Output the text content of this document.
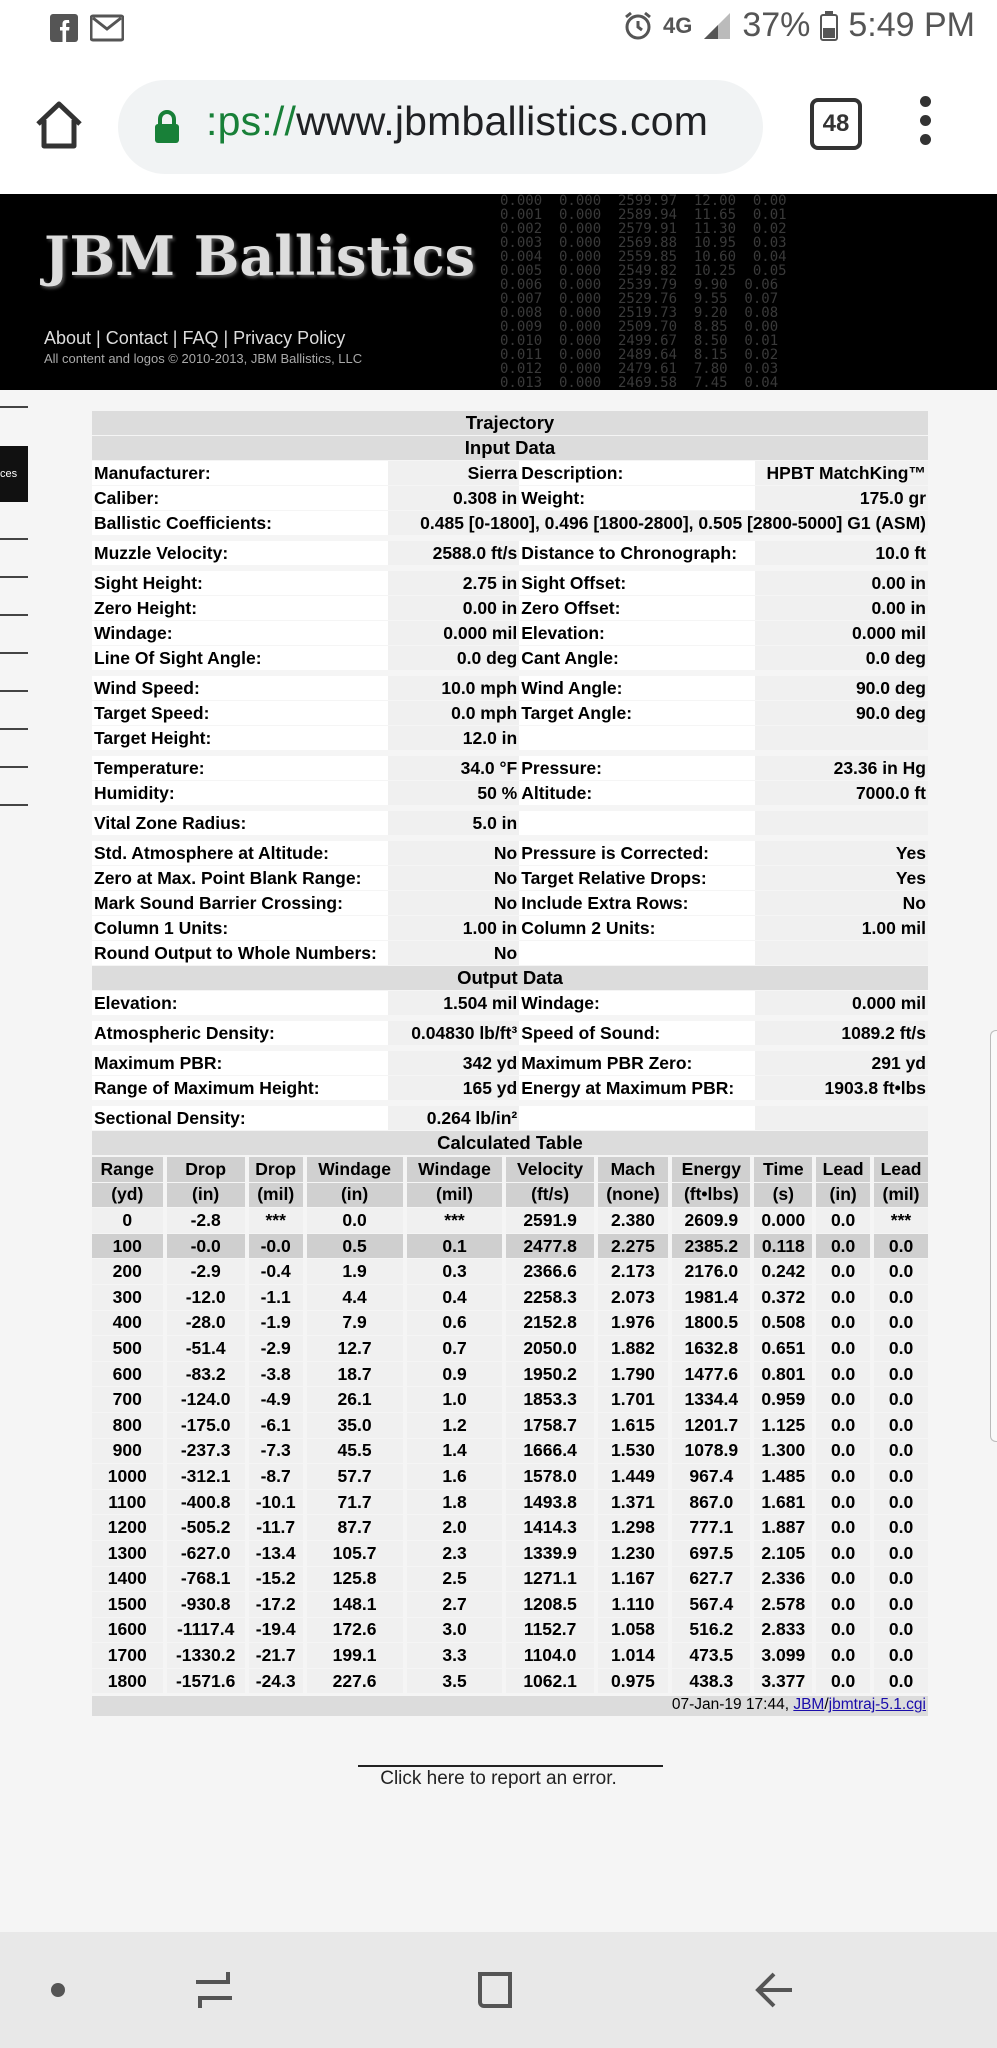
4G 37% 5:49 PM
:ps://www.jbmballistics.com	48
0.000  0.000  2599.97  12.00  0.00
0.001  0.000  2589.94  11.65  0.01
0.002  0.000  2579.91  11.30  0.02
0.003  0.000  2569.88  10.95  0.03
0.004  0.000  2559.85  10.60  0.04
0.005  0.000  2549.82  10.25  0.05
0.006  0.000  2539.79  9.90  0.06
0.007  0.000  2529.76  9.55  0.07
0.008  0.000  2519.73  9.20  0.08
0.009  0.000  2509.70  8.85  0.00
0.010  0.000  2499.67  8.50  0.01
0.011  0.000  2489.64  8.15  0.02
0.012  0.000  2479.61  7.80  0.03
0.013  0.000  2469.58  7.45  0.04

JBM Ballistics
About | Contact | FAQ | Privacy Policy
All content and logos © 2010-2013, JBM Ballistics, LLC
ces
Trajectory			
Input Data			
Manufacturer:	Sierra	Description:	HPBT MatchKing™
Caliber:	0.308 in	Weight:	175.0 gr
Ballistic Coefficients:	0.485 [0-1800], 0.496 [1800-2800], 0.505 [2800-5000] G1 (ASM)		

Muzzle Velocity:	2588.0 ft/s	Distance to Chronograph:	10.0 ft

Sight Height:	2.75 in	Sight Offset:	0.00 in
Zero Height:	0.00 in	Zero Offset:	0.00 in
Windage:	0.000 mil	Elevation:	0.000 mil
Line Of Sight Angle:	0.0 deg	Cant Angle:	0.0 deg

Wind Speed:	10.0 mph	Wind Angle:	90.0 deg
Target Speed:	0.0 mph	Target Angle:	90.0 deg
Target Height:	12.0 in		

Temperature:	34.0 °F	Pressure:	23.36 in Hg
Humidity:	50 %	Altitude:	7000.0 ft

Vital Zone Radius:	5.0 in		

Std. Atmosphere at Altitude:	No	Pressure is Corrected:	Yes
Zero at Max. Point Blank Range:	No	Target Relative Drops:	Yes
Mark Sound Barrier Crossing:	No	Include Extra Rows:	No
Column 1 Units:	1.00 in	Column 2 Units:	1.00 mil
Round Output to Whole Numbers:	No		
Output Data			
Elevation:	1.504 mil	Windage:	0.000 mil

Atmospheric Density:	0.04830 lb/ft³	Speed of Sound:	1089.2 ft/s

Maximum PBR:	342 yd	Maximum PBR Zero:	291 yd
Range of Maximum Height:	165 yd	Energy at Maximum PBR:	1903.8 ft•lbs

Sectional Density:	0.264 lb/in²		
Calculated Table			
Range	Drop	Drop	Windage	Windage	Velocity	Mach	Energy	Time	Lead	Lead
(yd)	(in)	(mil)	(in)	(mil)	(ft/s)	(none)	(ft•lbs)	(s)	(in)	(mil)
0	-2.8	***	0.0	***	2591.9	2.380	2609.9	0.000	0.0	***
100	-0.0	-0.0	0.5	0.1	2477.8	2.275	2385.2	0.118	0.0	0.0
200	-2.9	-0.4	1.9	0.3	2366.6	2.173	2176.0	0.242	0.0	0.0
300	-12.0	-1.1	4.4	0.4	2258.3	2.073	1981.4	0.372	0.0	0.0
400	-28.0	-1.9	7.9	0.6	2152.8	1.976	1800.5	0.508	0.0	0.0
500	-51.4	-2.9	12.7	0.7	2050.0	1.882	1632.8	0.651	0.0	0.0
600	-83.2	-3.8	18.7	0.9	1950.2	1.790	1477.6	0.801	0.0	0.0
700	-124.0	-4.9	26.1	1.0	1853.3	1.701	1334.4	0.959	0.0	0.0
800	-175.0	-6.1	35.0	1.2	1758.7	1.615	1201.7	1.125	0.0	0.0
900	-237.3	-7.3	45.5	1.4	1666.4	1.530	1078.9	1.300	0.0	0.0
1000	-312.1	-8.7	57.7	1.6	1578.0	1.449	967.4	1.485	0.0	0.0
1100	-400.8	-10.1	71.7	1.8	1493.8	1.371	867.0	1.681	0.0	0.0
1200	-505.2	-11.7	87.7	2.0	1414.3	1.298	777.1	1.887	0.0	0.0
1300	-627.0	-13.4	105.7	2.3	1339.9	1.230	697.5	2.105	0.0	0.0
1400	-768.1	-15.2	125.8	2.5	1271.1	1.167	627.7	2.336	0.0	0.0
1500	-930.8	-17.2	148.1	2.7	1208.5	1.110	567.4	2.578	0.0	0.0
1600	-1117.4	-19.4	172.6	3.0	1152.7	1.058	516.2	2.833	0.0	0.0
1700	-1330.2	-21.7	199.1	3.3	1104.0	1.014	473.5	3.099	0.0	0.0
1800	-1571.6	-24.3	227.6	3.5	1062.1	0.975	438.3	3.377	0.0	0.0
07-Jan-19 17:44, JBM/jbmtraj-5.1.cgi
Click here to report an error.
